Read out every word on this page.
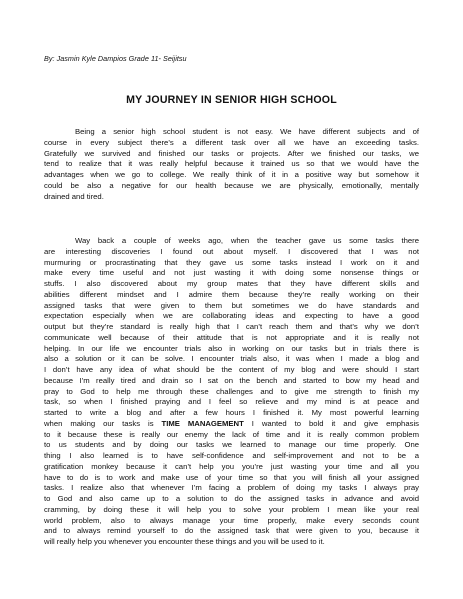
By: Jasmin Kyle Dampios Grade 11- Seijitsu
MY JOURNEY IN SENIOR HIGH SCHOOL
Being a senior high school student is not easy. We have different subjects and of
course in every subject there’s a different task over all we have an exceeding tasks.
Gratefully we survived and finished our tasks or projects. After we finished our tasks, we
tend to realize that it was really helpful because it trained us so that we would have the
advantages when we go to college. We really think of it in a positive way but somehow it
could be also a negative for our health because we are physically, emotionally, mentally
drained and tired.
Way back a couple of weeks ago, when the teacher gave us some tasks there
are interesting discoveries I found out about myself. I discovered that I was not
murmuring or procrastinating that they gave us some tasks instead I work on it and
make every time useful and not just wasting it with doing some nonsense things or
stuffs. I also discovered about my group mates that they have different skills and
abilities different mindset and I admire them because they’re really working on their
assigned tasks that were given to them but sometimes we do have standards and
expectation especially when we are collaborating ideas and expecting to have a good
output but they’re standard is really high that I can’t reach them and that’s why we don’t
communicate well because of their attitude that is not appropriate and it is really not
helping. In our life we encounter trials also in working on our tasks but in trials there is
also a solution or it can be solve. I encounter trials also, it was when I made a blog and
I don’t have any idea of what should be the content of my blog and were should I start
because I’m really tired and drain so I sat on the bench and started to bow my head and
pray to God to help me through these challenges and to give me strength to finish my
task, so when I finished praying and I feel so relieve and my mind is at peace and
started to write a blog and after a few hours I finished it. My most powerful learning
when making our tasks is TIME MANAGEMENT I wanted to bold it and give emphasis
to it because these is really our enemy the lack of time and it is really common problem
to us students and by doing our tasks we learned to manage our time properly. One
thing I also learned is to have self-confidence and self-improvement and not to be a
gratification monkey because it can’t help you you’re just wasting your time and all you
have to do is to work and make use of your time so that you will finish all your assigned
tasks. I realize also that whenever I’m facing a problem of doing my tasks I always pray
to God and also came up to a solution to do the assigned tasks in advance and avoid
cramming, by doing these it will help you to solve your problem I mean like your real
world problem, also to always manage your time properly, make every seconds count
and to always remind yourself to do the assigned task that were given to you, because it
will really help you whenever you encounter these things and you will be used to it.
